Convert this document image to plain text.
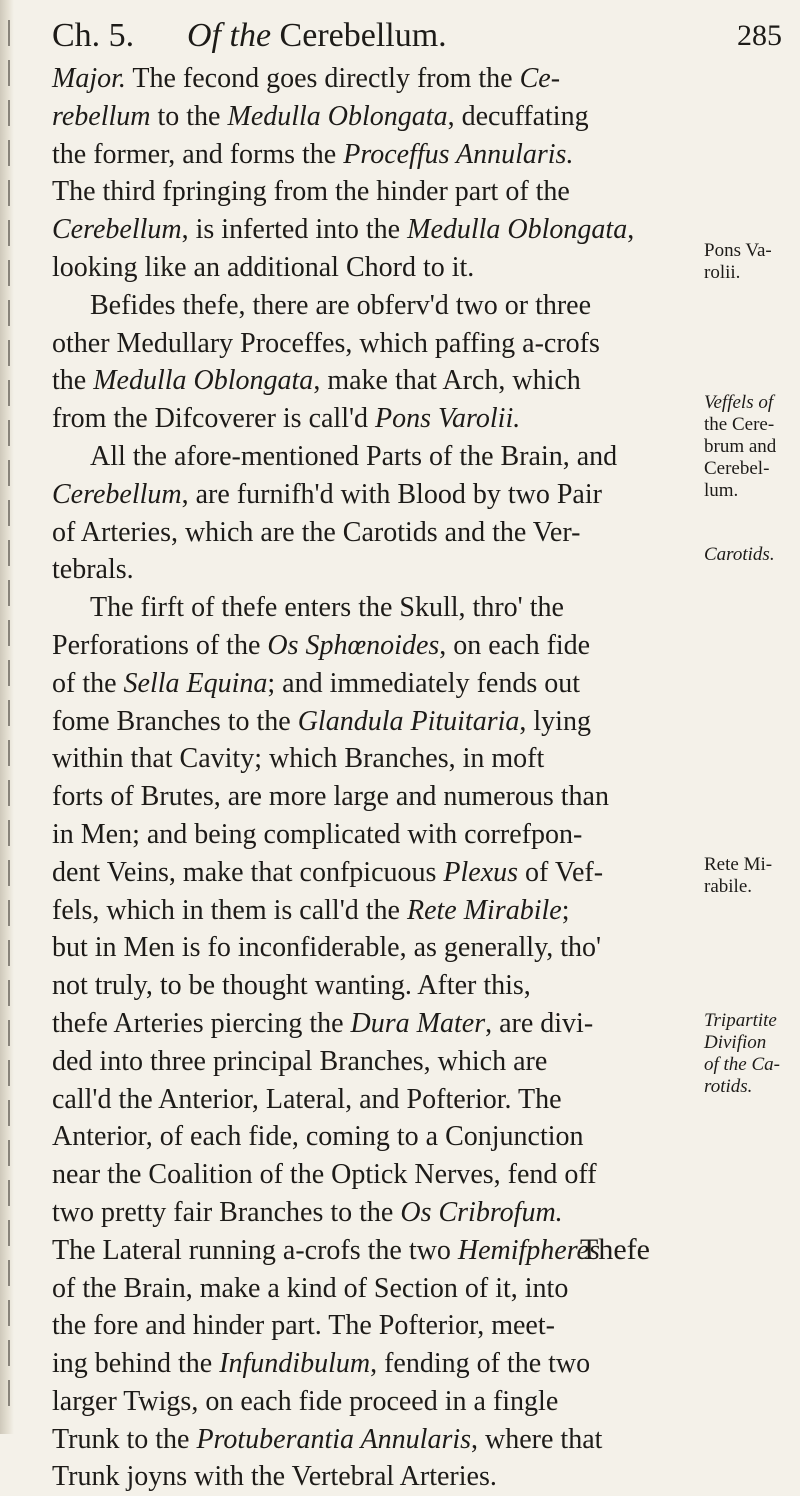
Ch. 5. Of the Cerebellum.	285
Major. The fecond goes directly from the Ce-
rebellum to the Medulla Oblongata, decuffating
the former, and forms the Proceffus Annularis.
The third fpringing from the hinder part of the
Cerebellum, is inferted into the Medulla Oblongata,
looking like an additional Chord to it.
Befides thefe, there are obferv'd two or three
other Medullary Proceffes, which paffing a-crofs
the Medulla Oblongata, make that Arch, which
from the Difcoverer is call'd Pons Varolii.
All the afore-mentioned Parts of the Brain, and
Cerebellum, are furnifh'd with Blood by two Pair
of Arteries, which are the Carotids and the Ver-
tebrals.
The firft of thefe enters the Skull, thro' the
Perforations of the Os Sphœnoides, on each fide
of the Sella Equina; and immediately fends out
fome Branches to the Glandula Pituitaria, lying
within that Cavity; which Branches, in moft
forts of Brutes, are more large and numerous than
in Men; and being complicated with correfpon-
dent Veins, make that confpicuous Plexus of Vef-
fels, which in them is call'd the Rete Mirabile;
but in Men is fo inconfiderable, as generally, tho'
not truly, to be thought wanting. After this,
thefe Arteries piercing the Dura Mater, are divi-
ded into three principal Branches, which are
call'd the Anterior, Lateral, and Pofterior. The
Anterior, of each fide, coming to a Conjunction
near the Coalition of the Optick Nerves, fend off
two pretty fair Branches to the Os Cribrofum.
The Lateral running a-crofs the two Hemifpheres
of the Brain, make a kind of Section of it, into
the fore and hinder part. The Pofterior, meet-
ing behind the Infundibulum, fending of the two
larger Twigs, on each fide proceed in a fingle
Trunk to the Protuberantia Annularis, where that
Trunk joyns with the Vertebral Arteries.
Pons Va-
rolii.
Veffels of
the Cere-
brum and
Cerebel-
lum.
Carotids.
Rete Mi-
rabile.
Tripartite
Divifion
of the Ca-
rotids.
Thefe
